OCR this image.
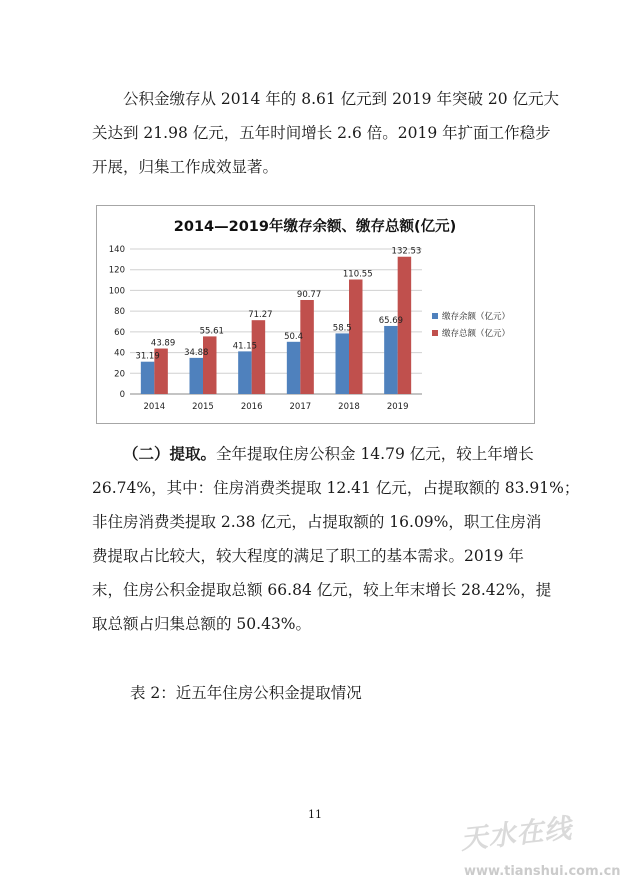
公积金缴存从 2014 年的 8.61 亿元到 2019 年突破 20 亿元大
关达到 21.98 亿元，五年时间增长 2.6 倍。2019 年扩面工作稳步
开展，归集工作成效显著。
2014—2019年缴存余额、缴存总额(亿元)
0
20
40
60
80
100
120
140
31.19
43.89
34.88
55.61
41.15
71.27
50.4
90.77
58.5
110.55
65.69
132.53
2014	2015	2016	2017	2018	2019
缴存余额（亿元）
缴存总额（亿元）
（二）提取。全年提取住房公积金 14.79 亿元，较上年增长
26.74%，其中：住房消费类提取 12.41 亿元，占提取额的 83.91%；
非住房消费类提取 2.38 亿元，占提取额的 16.09%，职工住房消
费提取占比较大，较大程度的满足了职工的基本需求。2019 年
末，住房公积金提取总额 66.84 亿元，较上年末增长 28.42%，提
取总额占归集总额的 50.43%。
表 2：近五年住房公积金提取情况
11	天水在线
www.tianshui.com.cn
